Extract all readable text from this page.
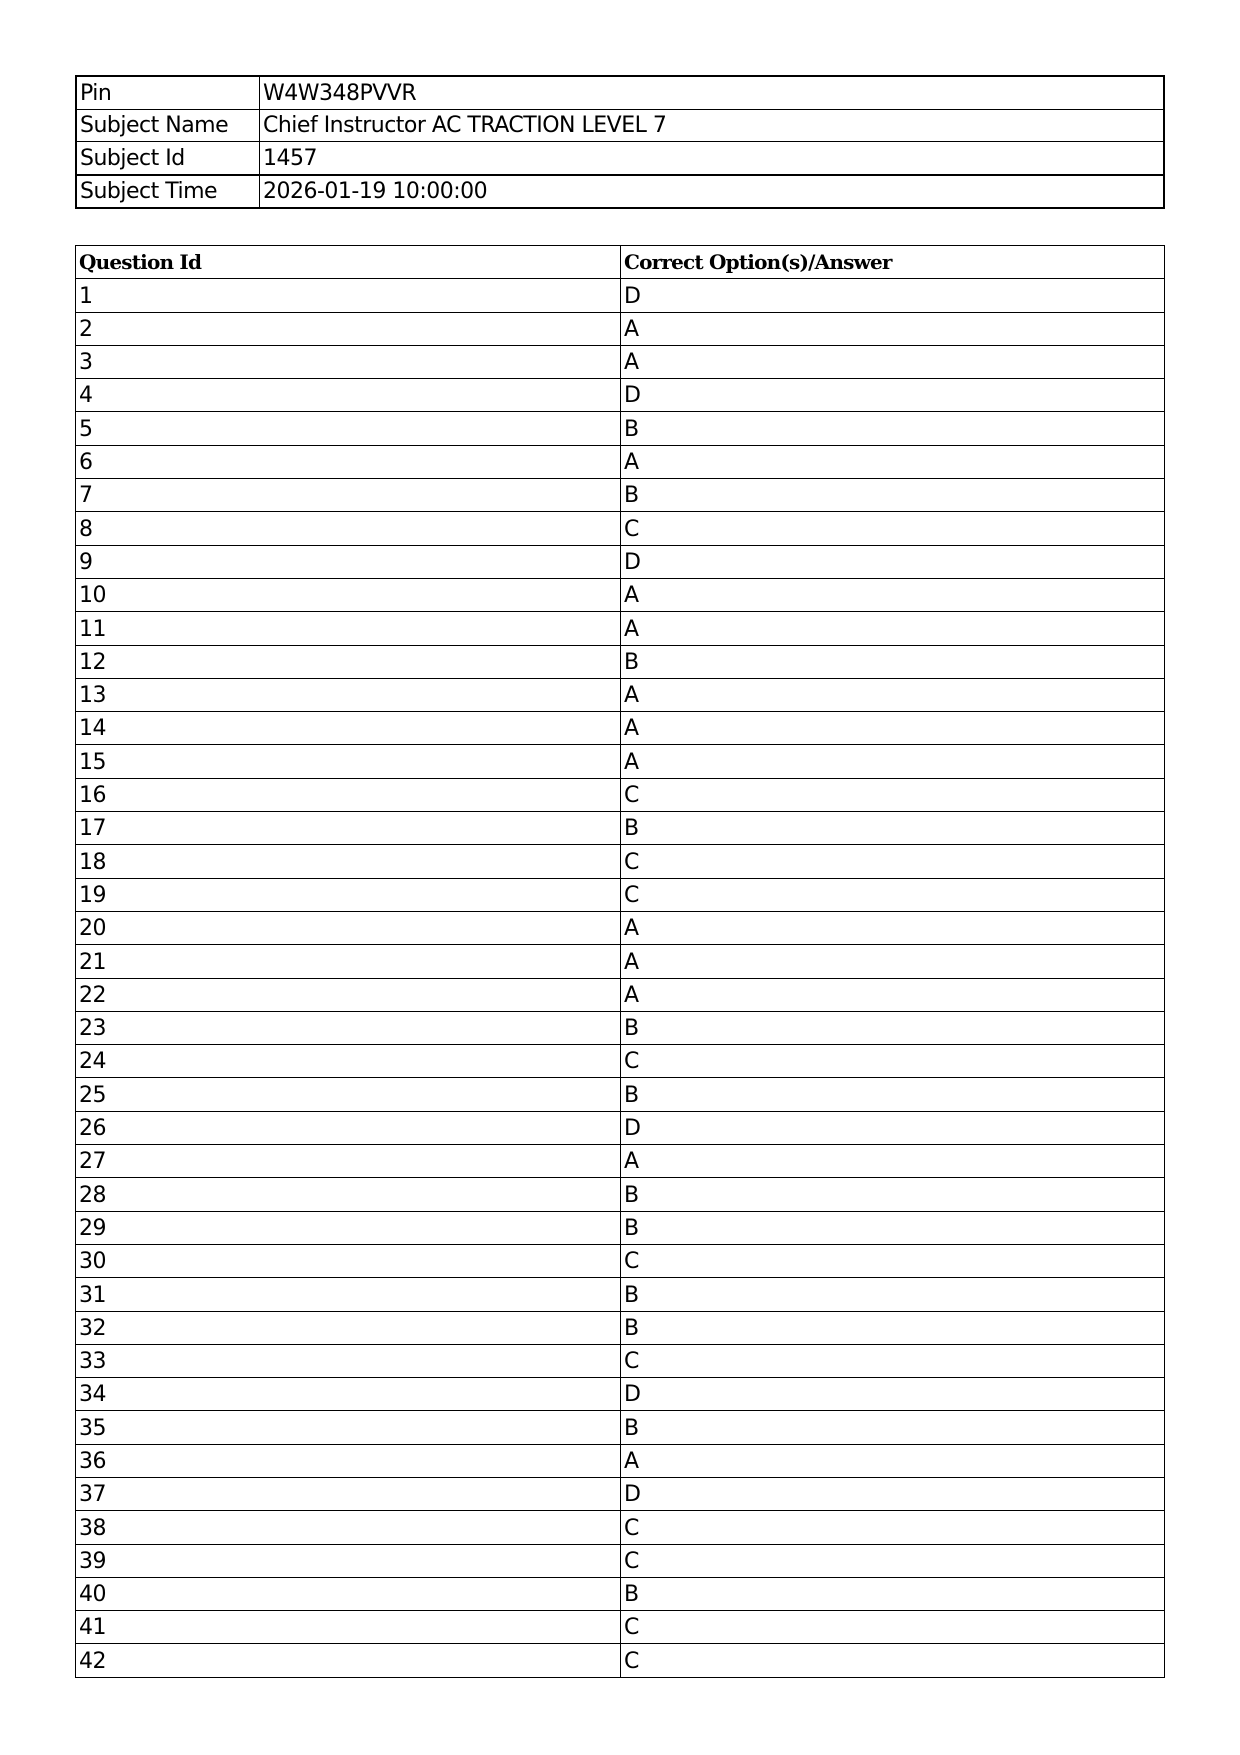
Pin	W4W348PVVR
Subject Name	Chief Instructor AC TRACTION LEVEL 7
Subject Id	1457
Subject Time	2026-01-19 10:00:00
Question Id	Correct Option(s)/Answer
1	D
2	A
3	A
4	D
5	B
6	A
7	B
8	C
9	D
10	A
11	A
12	B
13	A
14	A
15	A
16	C
17	B
18	C
19	C
20	A
21	A
22	A
23	B
24	C
25	B
26	D
27	A
28	B
29	B
30	C
31	B
32	B
33	C
34	D
35	B
36	A
37	D
38	C
39	C
40	B
41	C
42	C
